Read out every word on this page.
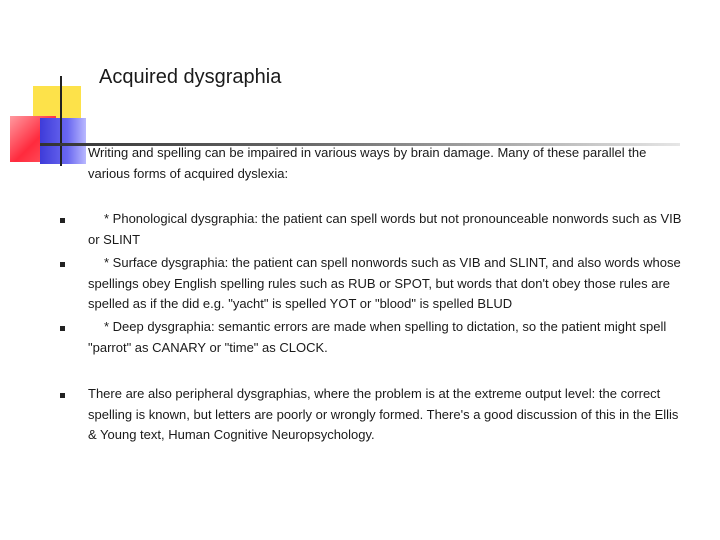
Acquired dysgraphia
Writing and spelling can be impaired in various ways by brain damage. Many of these parallel the various forms of acquired dyslexia:
* Phonological dysgraphia: the patient can spell words but not pronounceable nonwords such as VIB or SLINT
* Surface dysgraphia: the patient can spell nonwords such as VIB and SLINT, and also words whose spellings obey English spelling rules such as RUB or SPOT, but words that don't obey those rules are spelled as if the did e.g. "yacht" is spelled YOT or "blood" is spelled BLUD
* Deep dysgraphia: semantic errors are made when spelling to dictation, so the patient might spell "parrot" as CANARY or "time" as CLOCK.
There are also peripheral dysgraphias, where the problem is at the extreme output level: the correct spelling is known, but letters are poorly or wrongly formed. There's a good discussion of this in the Ellis & Young text, Human Cognitive Neuropsychology.
